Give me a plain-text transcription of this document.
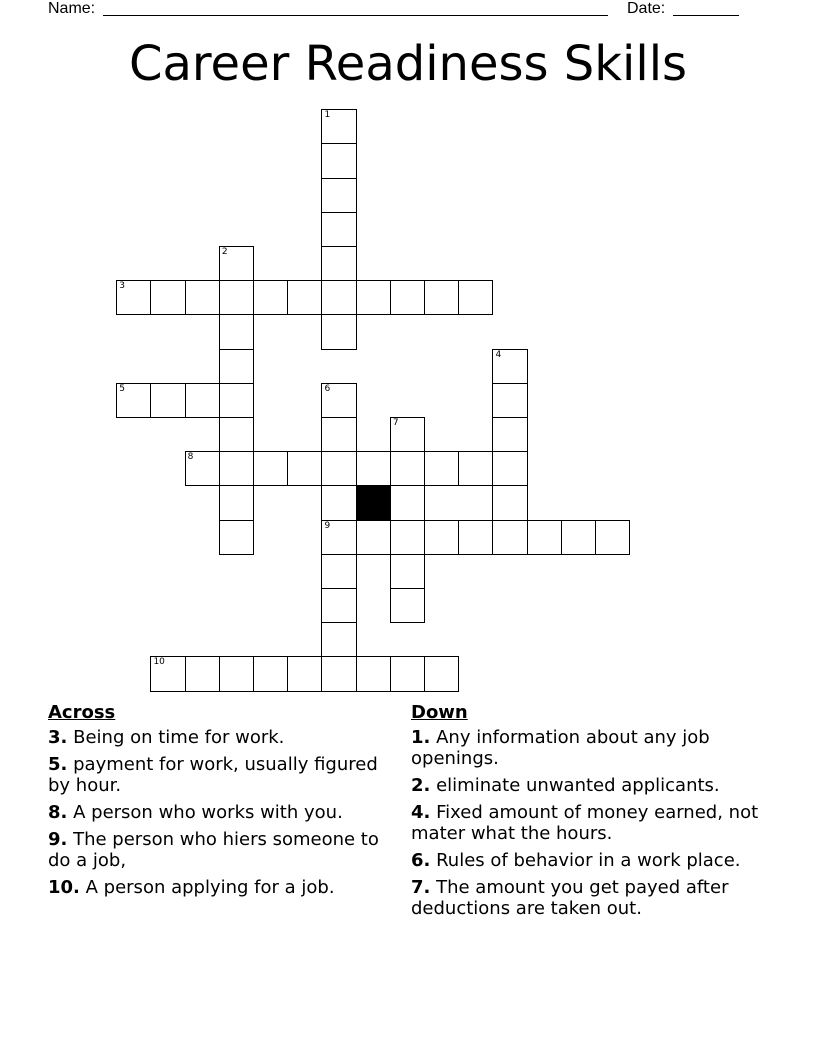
Name:	Date:
Career Readiness Skills
1
2
3
4
5	6
9
7
8
10
Across
3. Being on time for work.
5. payment for work, usually figured by hour.
8. A person who works with you.
9. The person who hiers someone to do a job,
10. A person applying for a job.
Down
1. Any information about any job openings.
2. eliminate unwanted applicants.
4. Fixed amount of money earned, not mater what the hours.
6. Rules of behavior in a work place.
7. The amount you get payed after deductions are taken out.
